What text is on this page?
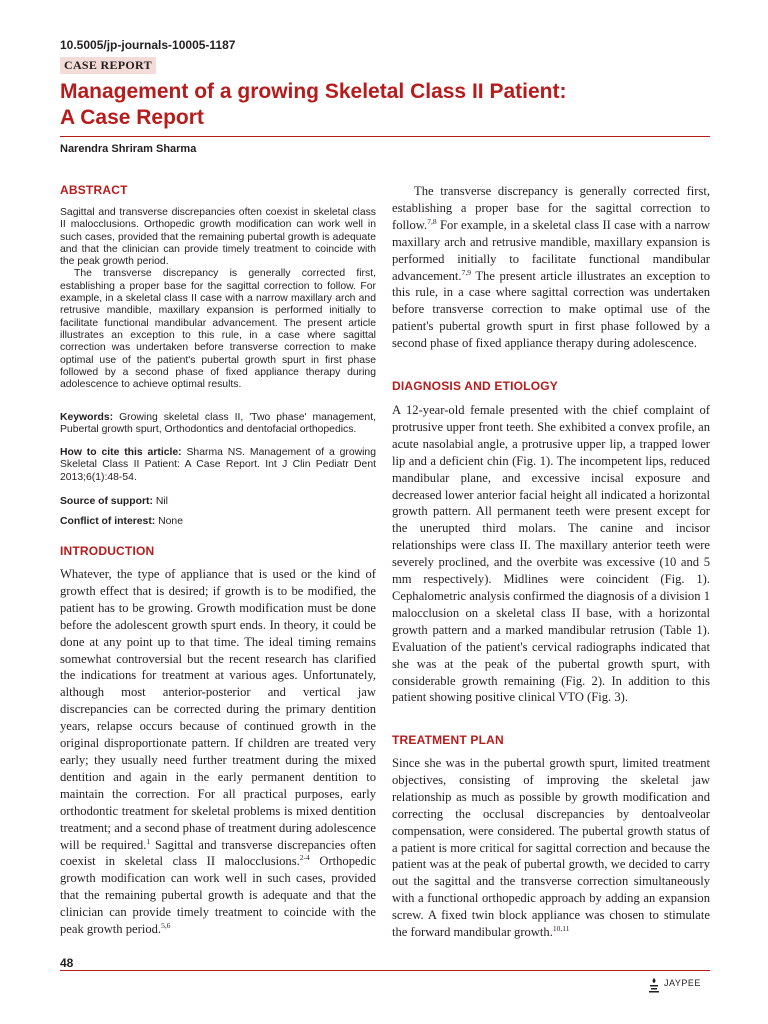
10.5005/jp-journals-10005-1187
CASE REPORT
Management of a growing Skeletal Class II Patient:
A Case Report
Narendra Shriram Sharma
ABSTRACT

Sagittal and transverse discrepancies often coexist in skeletal class II malocclusions. Orthopedic growth modification can work well in such cases, provided that the remaining pubertal growth is adequate and that the clinician can provide timely treatment to coincide with the peak growth period.

The transverse discrepancy is generally corrected first, establishing a proper base for the sagittal correction to follow. For example, in a skeletal class II case with a narrow maxillary arch and retrusive mandible, maxillary expansion is performed initially to facilitate functional mandibular advancement. The present article illustrates an exception to this rule, in a case where sagittal correction was undertaken before transverse correction to make optimal use of the patient's pubertal growth spurt in first phase followed by a second phase of fixed appliance therapy during adolescence to achieve optimal results.

Keywords: Growing skeletal class II, 'Two phase' management, Pubertal growth spurt, Orthodontics and dentofacial orthopedics.

How to cite this article: Sharma NS. Management of a growing Skeletal Class II Patient: A Case Report. Int J Clin Pediatr Dent 2013;6(1):48-54.

Source of support: Nil

Conflict of interest: None

INTRODUCTION

Whatever, the type of appliance that is used or the kind of growth effect that is desired; if growth is to be modified, the patient has to be growing. Growth modification must be done before the adolescent growth spurt ends. In theory, it could be done at any point up to that time. The ideal timing remains somewhat controversial but the recent research has clarified the indications for treatment at various ages. Unfortunately, although most anterior-posterior and vertical jaw discrepancies can be corrected during the primary dentition years, relapse occurs because of continued growth in the original disproportionate pattern. If children are treated very early; they usually need further treatment during the mixed dentition and again in the early permanent dentition to maintain the correction. For all practical purposes, early orthodontic treatment for skeletal problems is mixed dentition treatment; and a second phase of treatment during adolescence will be required.$^1$ Sagittal and transverse discrepancies often coexist in skeletal class II malocclusions.$^{2-4}$ Orthopedic growth modification can work well in such cases, provided that the remaining pubertal growth is adequate and that the clinician can provide timely treatment to coincide with the peak growth period.$^{5,6}$

The transverse discrepancy is generally corrected first, establishing a proper base for the sagittal correction to follow.$^{7,8}$ For example, in a skeletal class II case with a narrow maxillary arch and retrusive mandible, maxillary expansion is performed initially to facilitate functional mandibular advancement.$^{7,9}$ The present article illustrates an exception to this rule, in a case where sagittal correction was undertaken before transverse correction to make optimal use of the patient's pubertal growth spurt in first phase followed by a second phase of fixed appliance therapy during adolescence.

DIAGNOSIS AND ETIOLOGY

A 12-year-old female presented with the chief complaint of protrusive upper front teeth. She exhibited a convex profile, an acute nasolabial angle, a protrusive upper lip, a trapped lower lip and a deficient chin (Fig. 1). The incompetent lips, reduced mandibular plane, and excessive incisal exposure and decreased lower anterior facial height all indicated a horizontal growth pattern. All permanent teeth were present except for the unerupted third molars. The canine and incisor relationships were class II. The maxillary anterior teeth were severely proclined, and the overbite was excessive (10 and 5 mm respectively). Midlines were coincident (Fig. 1). Cephalometric analysis confirmed the diagnosis of a division 1 malocclusion on a skeletal class II base, with a horizontal growth pattern and a marked mandibular retrusion (Table 1). Evaluation of the patient's cervical radiographs indicated that she was at the peak of the pubertal growth spurt, with considerable growth remaining (Fig. 2). In addition to this patient showing positive clinical VTO (Fig. 3).

TREATMENT PLAN

Since she was in the pubertal growth spurt, limited treatment objectives, consisting of improving the skeletal jaw relationship as much as possible by growth modification and correcting the occlusal discrepancies by dentoalveolar compensation, were considered. The pubertal growth status of a patient is more critical for sagittal correction and because the patient was at the peak of pubertal growth, we decided to carry out the sagittal and the transverse correction simultaneously with a functional orthopedic approach by adding an expansion screw. A fixed twin block appliance was chosen to stimulate the forward mandibular growth.$^{10,11}$

48
JAYPEE
